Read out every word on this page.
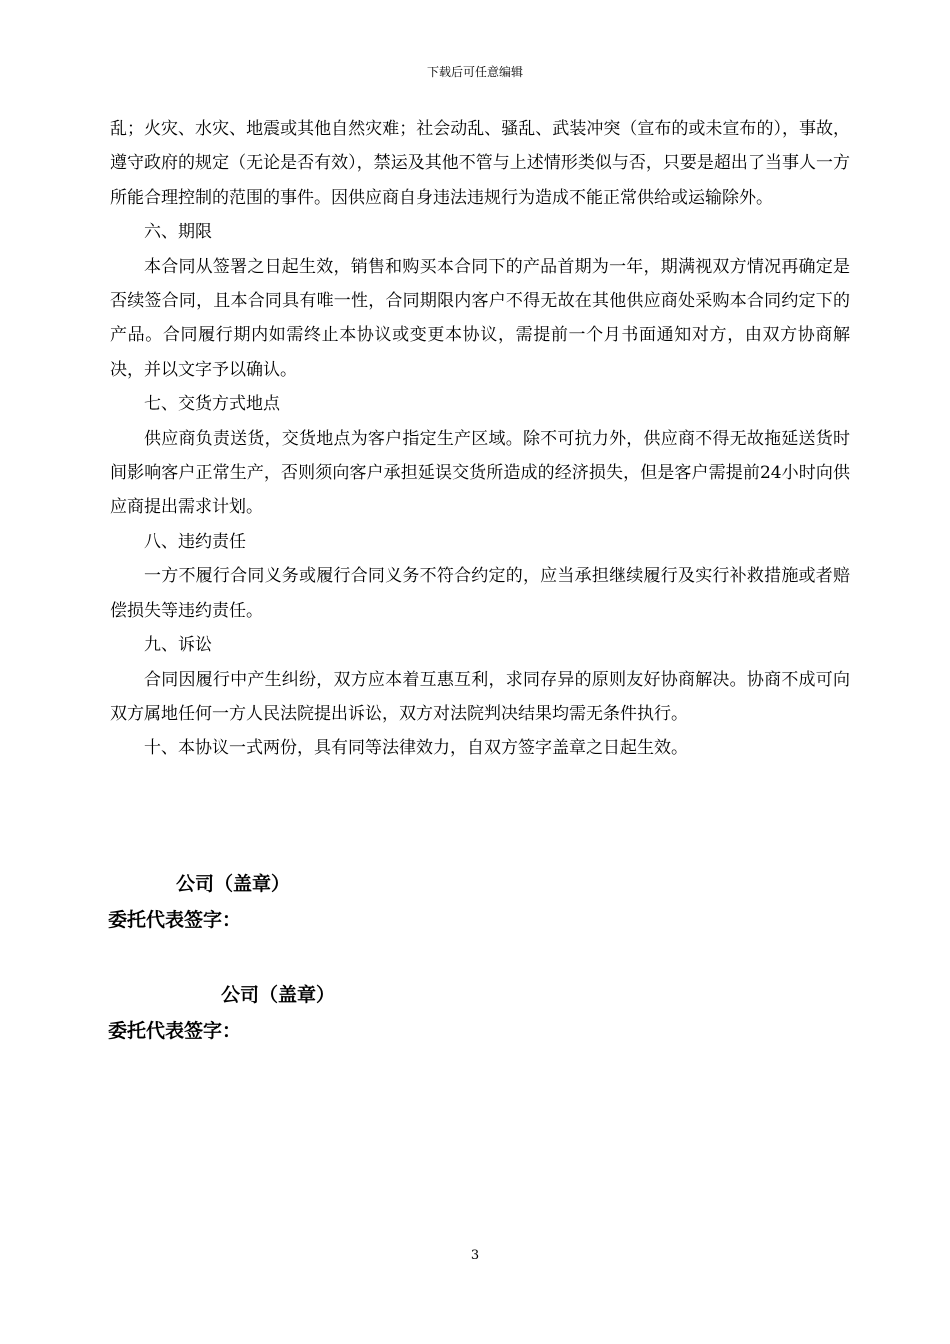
下载后可任意编辑

乱；火灾、水灾、地震或其他自然灾难；社会动乱、骚乱、武装冲突（宣布的或未宣布的），事故，遵守政府的规定（无论是否有效），禁运及其他不管与上述情形类似与否，只要是超出了当事人一方所能合理控制的范围的事件。因供应商自身违法违规行为造成不能正常供给或运输除外。

六、期限

本合同从签署之日起生效，销售和购买本合同下的产品首期为一年，期满视双方情况再确定是否续签合同，且本合同具有唯一性，合同期限内客户不得无故在其他供应商处采购本合同约定下的产品。合同履行期内如需终止本协议或变更本协议，需提前一个月书面通知对方，由双方协商解决，并以文字予以确认。

七、交货方式地点

供应商负责送货，交货地点为客户指定生产区域。除不可抗力外，供应商不得无故拖延送货时间影响客户正常生产，否则须向客户承担延误交货所造成的经济损失，但是客户需提前24小时向供应商提出需求计划。

八、违约责任

一方不履行合同义务或履行合同义务不符合约定的，应当承担继续履行及实行补救措施或者赔偿损失等违约责任。

九、诉讼

合同因履行中产生纠纷，双方应本着互惠互利，求同存异的原则友好协商解决。协商不成可向双方属地任何一方人民法院提出诉讼，双方对法院判决结果均需无条件执行。

十、本协议一式两份，具有同等法律效力，自双方签字盖章之日起生效。

公司（盖章）
委托代表签字：
公司（盖章）
委托代表签字：
3
